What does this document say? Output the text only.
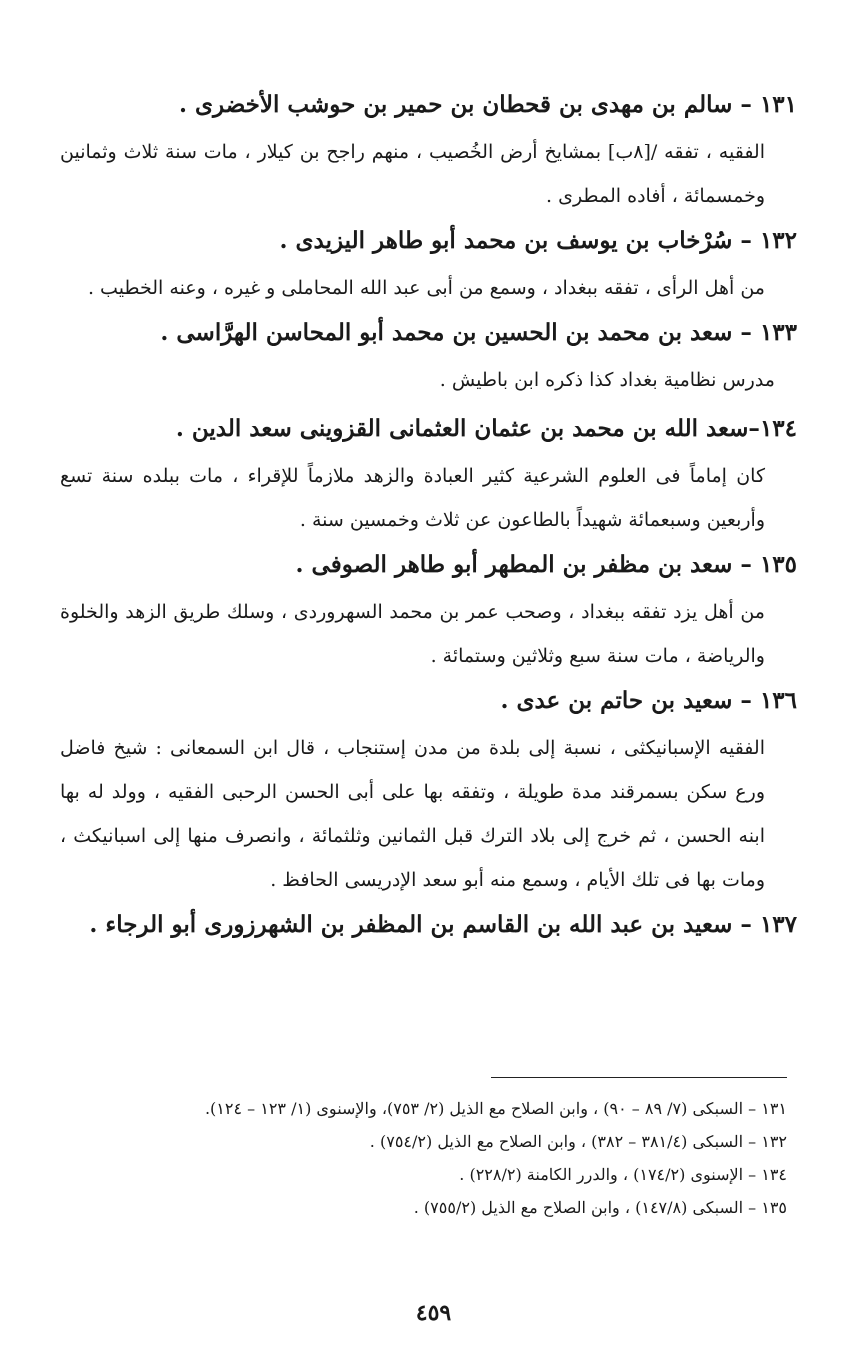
١٣١ – سالم بن مهدى بن قحطان بن حمير بن حوشب الأخضرى .
الفقيه ، تفقه /[٨ب] بمشايخ أرض الخُصيب ، منهم راجح بن كيلار ، مات سنة ثلاث وثمانين وخمسمائة ، أفاده المطرى .
١٣٢ – سُرْخاب بن يوسف بن محمد أبو طاهر اليزيدى .
من أهل الرأى ، تفقه ببغداد ، وسمع من أبى عبد الله المحاملى و غيره ، وعنه الخطيب .
١٣٣ – سعد بن محمد بن الحسين بن محمد أبو المحاسن الهرَّاسى .
مدرس نظامية بغداد كذا ذكره ابن باطيش .
١٣٤–سعد الله بن محمد بن عثمان العثمانى القزوينى سعد الدين .
كان إماماً فى العلوم الشرعية كثير العبادة والزهد ملازماً للإقراء ، مات ببلده سنة تسع وأربعين وسبعمائة شهيداً بالطاعون عن ثلاث وخمسين سنة .
١٣٥ – سعد بن مظفر بن المطهر أبو طاهر الصوفى .
من أهل يزد تفقه ببغداد ، وصحب عمر بن محمد السهروردى ، وسلك طريق الزهد والخلوة والرياضة ، مات سنة سبع وثلاثين وستمائة .
١٣٦ – سعيد بن حاتم بن عدى .
الفقيه الإسبانيكثى ، نسبة إلى بلدة من مدن إستنجاب ، قال ابن السمعانى : شيخ فاضل ورع سكن بسمرقند مدة طويلة ، وتفقه بها على أبى الحسن الرحبى الفقيه ، وولد له بها ابنه الحسن ، ثم خرج إلى بلاد الترك قبل الثمانين وثلثمائة ، وانصرف منها إلى اسبانيكث ، ومات بها فى تلك الأيام ، وسمع منه أبو سعد الإدريسى الحافظ .
١٣٧ – سعيد بن عبد الله بن القاسم بن المظفر بن الشهرزورى أبو الرجاء .

١٣١ – السبكى (٧/ ٨٩ – ٩٠) ، وابن الصلاح مع الذيل (٢/ ٧٥٣)، والإسنوى (١/ ١٢٣ – ١٢٤).

١٣٢ – السبكى (٣٨١/٤ – ٣٨٢) ، وابن الصلاح مع الذيل (٧٥٤/٢) .

١٣٤ – الإسنوى (١٧٤/٢) ، والدرر الكامنة (٢٢٨/٢) .

١٣٥ – السبكى (١٤٧/٨) ، وابن الصلاح مع الذيل (٧٥٥/٢) .

٤٥٩
